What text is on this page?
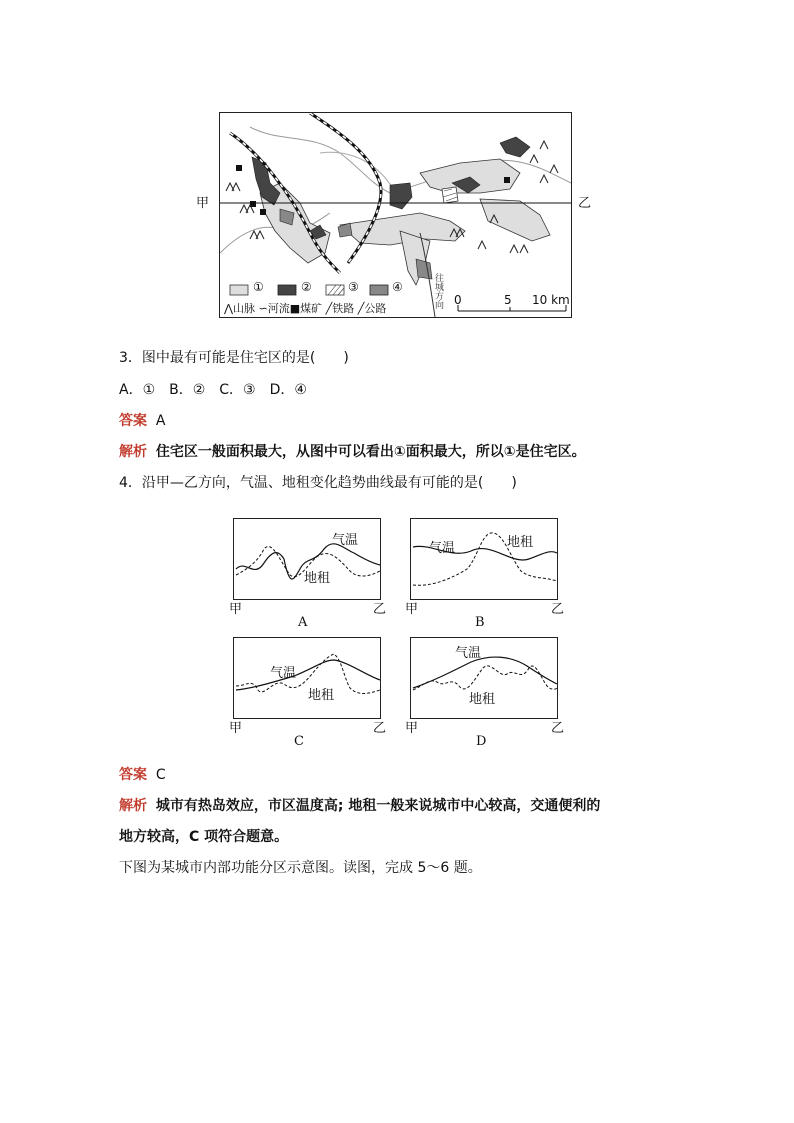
甲	乙
①	②	③	④
⋀山脉 ∽河流■煤矿 ╱铁路 ╱公路	往城方向 0	5 10 km
3．图中最有可能是住宅区的是(　　)
A．①　B．②　C．③　D．④
答案 A
解析 住宅区一般面积最大，从图中可以看出①面积最大，所以①是住宅区。
4．沿甲—乙方向，气温、地租变化趋势曲线最有可能的是(　　)
气温
地租
甲	乙
A
气温	地租
甲	乙
B
气温
地租
甲	乙
C
气温
地租
甲	乙
D
答案 C
解析 城市有热岛效应，市区温度高; 地租一般来说城市中心较高，交通便利的
地方较高，C 项符合题意。
下图为某城市内部功能分区示意图。读图，完成 5～6 题。
